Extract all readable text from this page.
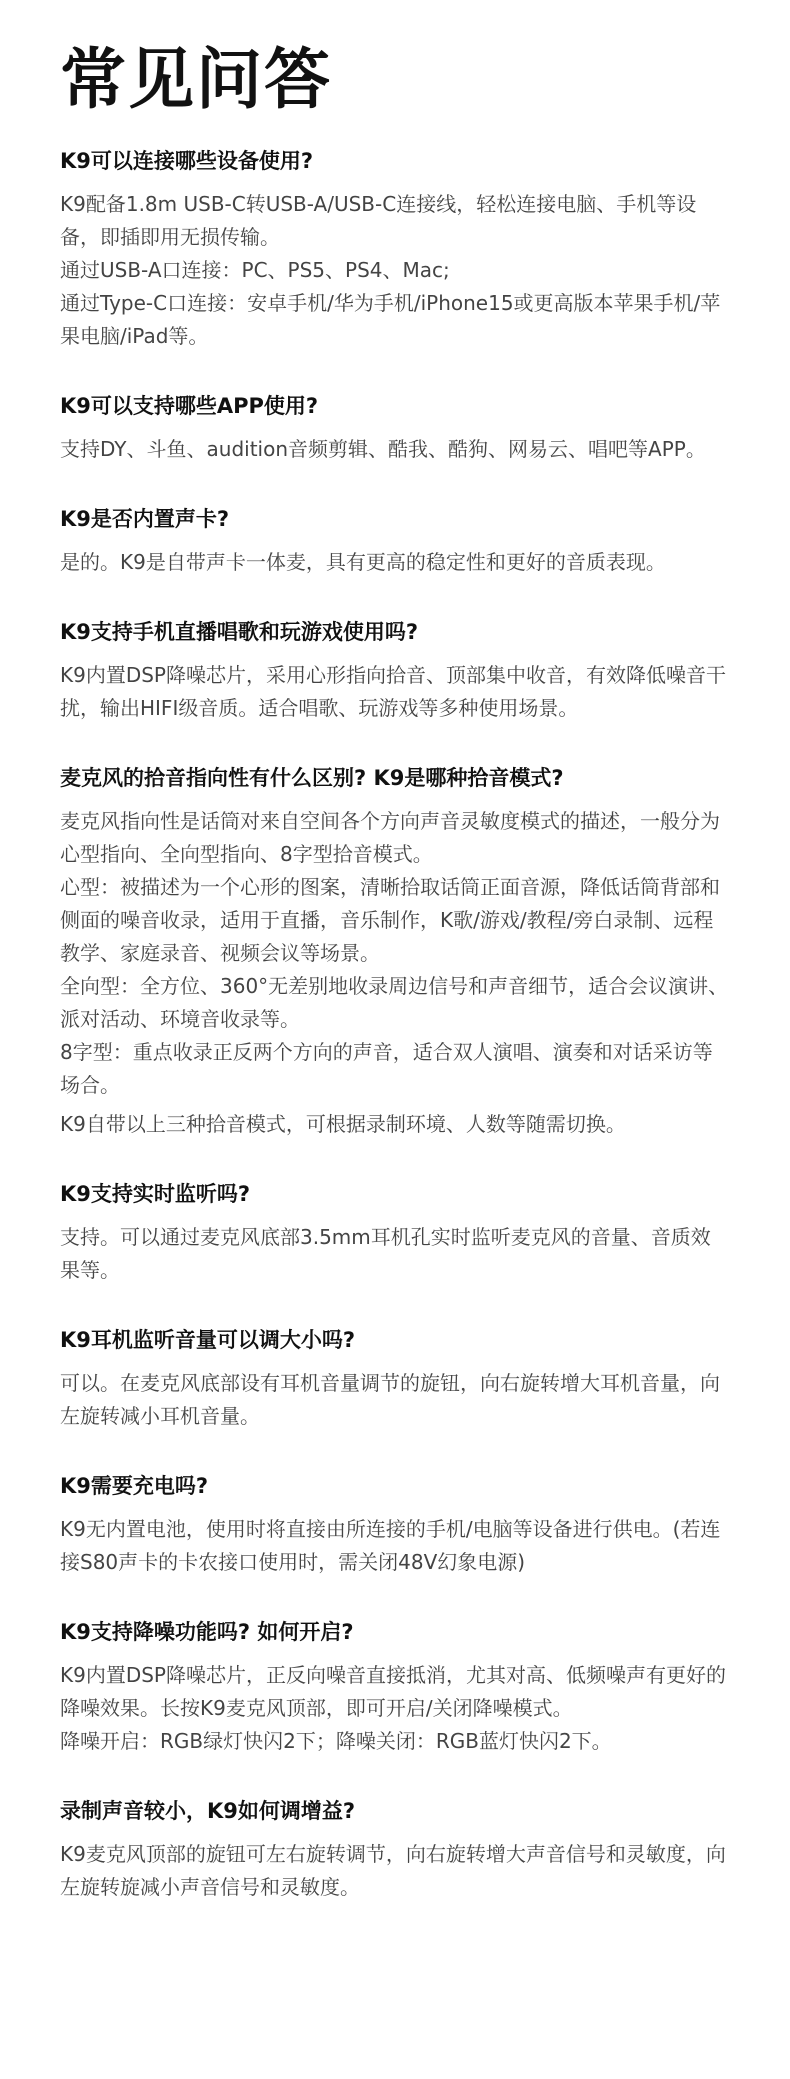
常见问答
K9可以连接哪些设备使用?

K9配备1.8m USB-C转USB-A/USB-C连接线，轻松连接电脑、手机等设备，即插即用无损传输。

通过USB-A口连接：PC、PS5、PS4、Mac;

通过Type-C口连接：安卓手机/华为手机/iPhone15或更高版本苹果手机/苹果电脑/iPad等。

K9可以支持哪些APP使用?

支持DY、斗鱼、audition音频剪辑、酷我、酷狗、网易云、唱吧等APP。

K9是否内置声卡?

是的。K9是自带声卡一体麦，具有更高的稳定性和更好的音质表现。

K9支持手机直播唱歌和玩游戏使用吗?

K9内置DSP降噪芯片，采用心形指向拾音、顶部集中收音，有效降低噪音干扰，输出HIFI级音质。适合唱歌、玩游戏等多种使用场景。

麦克风的拾音指向性有什么区别? K9是哪种拾音模式?

麦克风指向性是话筒对来自空间各个方向声音灵敏度模式的描述，一般分为心型指向、全向型指向、8字型拾音模式。

心型：被描述为一个心形的图案，清晰拾取话筒正面音源，降低话筒背部和侧面的噪音收录，适用于直播，音乐制作，K歌/游戏/教程/旁白录制、远程教学、家庭录音、视频会议等场景。

全向型：全方位、360°无差别地收录周边信号和声音细节，适合会议演讲、派对活动、环境音收录等。

8字型：重点收录正反两个方向的声音，适合双人演唱、演奏和对话采访等场合。

K9自带以上三种拾音模式，可根据录制环境、人数等随需切换。

K9支持实时监听吗?

支持。可以通过麦克风底部3.5mm耳机孔实时监听麦克风的音量、音质效果等。

K9耳机监听音量可以调大小吗?

可以。在麦克风底部设有耳机音量调节的旋钮，向右旋转增大耳机音量，向左旋转减小耳机音量。

K9需要充电吗?

K9无内置电池，使用时将直接由所连接的手机/电脑等设备进行供电。(若连接S80声卡的卡农接口使用时，需关闭48V幻象电源)

K9支持降噪功能吗? 如何开启?

K9内置DSP降噪芯片，正反向噪音直接抵消，尤其对高、低频噪声有更好的降噪效果。长按K9麦克风顶部，即可开启/关闭降噪模式。

降噪开启：RGB绿灯快闪2下；降噪关闭：RGB蓝灯快闪2下。

录制声音较小，K9如何调增益?

K9麦克风顶部的旋钮可左右旋转调节，向右旋转增大声音信号和灵敏度，向左旋转旋减小声音信号和灵敏度。
